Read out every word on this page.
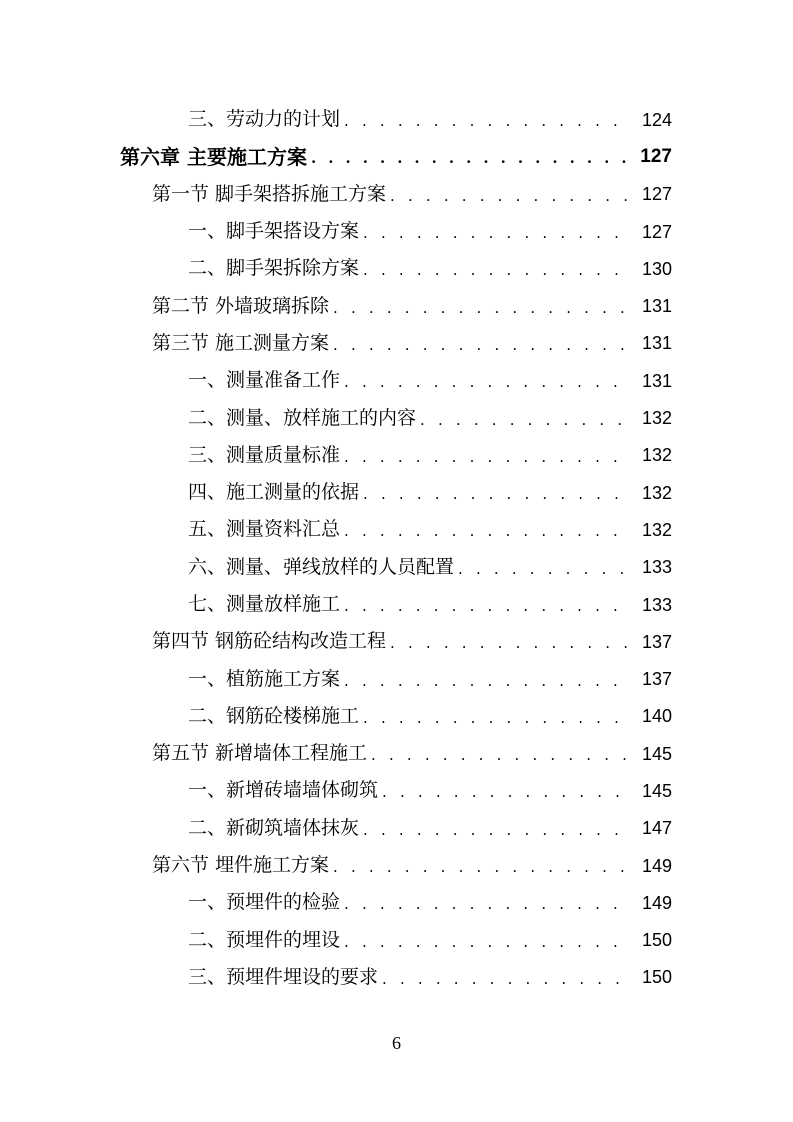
三、劳动力的计划 . . .	124
第六章 主要施工方案 . . .	127
第一节 脚手架搭拆施工方案 . . .	127
一、脚手架搭设方案 . . .	127
二、脚手架拆除方案 . . .	130
第二节 外墙玻璃拆除 . . .	131
第三节 施工测量方案 . . .	131
一、测量准备工作 . . .	131
二、测量、放样施工的内容 . . .	132
三、测量质量标准 . . .	132
四、施工测量的依据 . . .	132
五、测量资料汇总 . . .	132
六、测量、弹线放样的人员配置 . . .	133
七、测量放样施工 . . .	133
第四节 钢筋砼结构改造工程 . . .	137
一、植筋施工方案 . . .	137
二、钢筋砼楼梯施工 . . .	140
第五节 新增墙体工程施工 . . .	145
一、新增砖墙墙体砌筑 . . .	145
二、新砌筑墙体抹灰 . . .	147
第六节 埋件施工方案 . . .	149
一、预埋件的检验 . . .	149
二、预埋件的埋设 . . .	150
三、预埋件埋设的要求 . . .	150
6
